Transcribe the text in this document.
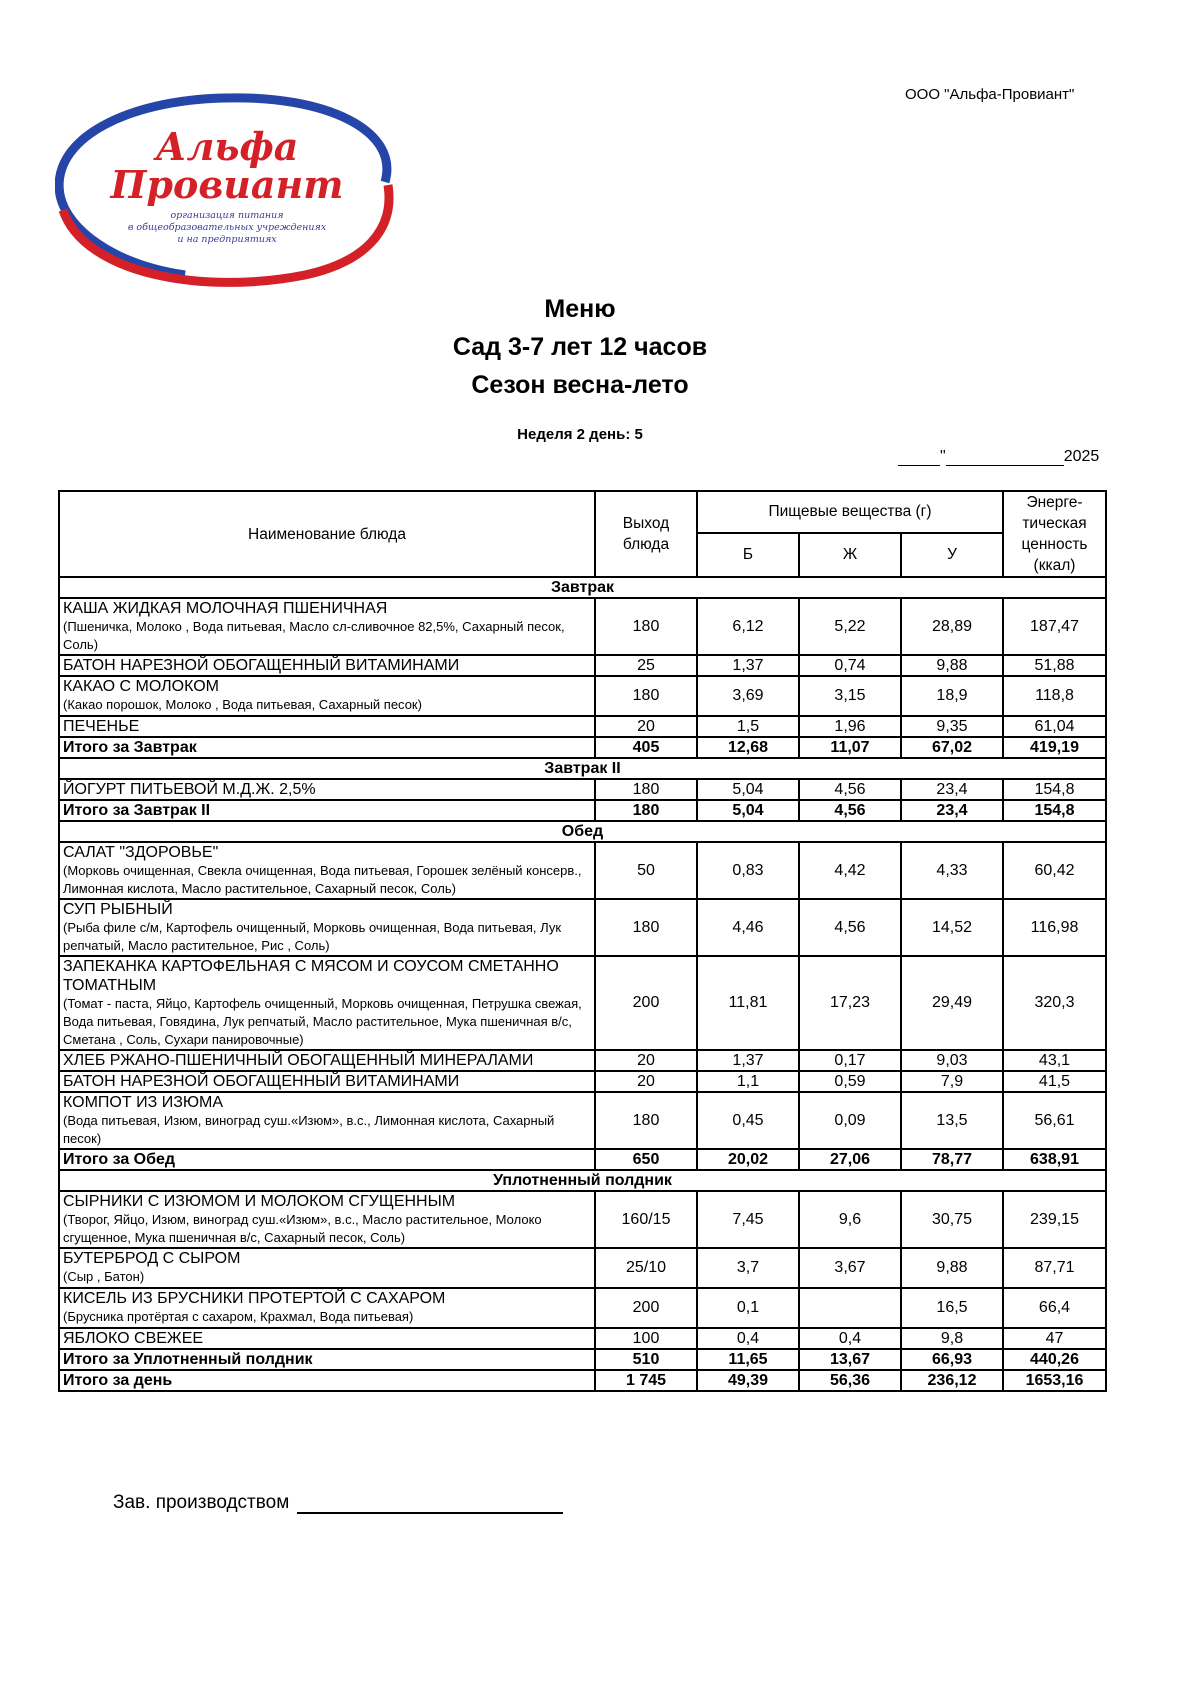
ООО "Альфа-Провиант"
Альфа
Провиант
организация питания
в общеобразовательных учреждениях
и на предприятиях
Меню
Сад 3-7 лет 12 часов
Сезон весна-лето
Неделя 2 день: 5
"	2025
Наименование блюда	Выход блюда	Пищевые вещества (г)			Энерге-тическая ценность (ккал)
		Б	Ж	У	
Завтрак					

КАША ЖИДКАЯ МОЛОЧНАЯ ПШЕНИЧНАЯ
(Пшеничка, Молоко , Вода питьевая, Масло сл-сливочное 82,5%, Сахарный песок, Соль)	180	6,12	5,22	28,89	187,47

БАТОН НАРЕЗНОЙ ОБОГАЩЕННЫЙ ВИТАМИНАМИ	25	1,37	0,74	9,88	51,88

КАКАО С МОЛОКОМ
(Какао порошок, Молоко , Вода питьевая, Сахарный песок)	180	3,69	3,15	18,9	118,8

ПЕЧЕНЬЕ	20	1,5	1,96	9,35	61,04
Итого за Завтрак	405	12,68	11,07	67,02	419,19
Завтрак II					

ЙОГУРТ ПИТЬЕВОЙ М.Д.Ж. 2,5%	180	5,04	4,56	23,4	154,8
Итого за Завтрак II	180	5,04	4,56	23,4	154,8
Обед					

САЛАТ "ЗДОРОВЬЕ"
(Морковь очищенная, Свекла очищенная, Вода питьевая, Горошек зелёный консерв., Лимонная кислота, Масло растительное, Сахарный песок, Соль)	50	0,83	4,42	4,33	60,42

СУП РЫБНЫЙ
(Рыба филе с/м, Картофель очищенный, Морковь очищенная, Вода питьевая, Лук репчатый, Масло растительное, Рис , Соль)	180	4,46	4,56	14,52	116,98

ЗАПЕКАНКА КАРТОФЕЛЬНАЯ С МЯСОМ И СОУСОМ СМЕТАННО ТОМАТНЫМ
(Томат - паста, Яйцо, Картофель очищенный, Морковь очищенная, Петрушка свежая, Вода питьевая, Говядина, Лук репчатый, Масло растительное, Мука пшеничная в/с, Сметана , Соль, Сухари панировочные)	200	11,81	17,23	29,49	320,3

ХЛЕБ РЖАНО-ПШЕНИЧНЫЙ ОБОГАЩЕННЫЙ МИНЕРАЛАМИ	20	1,37	0,17	9,03	43,1

БАТОН НАРЕЗНОЙ ОБОГАЩЕННЫЙ ВИТАМИНАМИ	20	1,1	0,59	7,9	41,5

КОМПОТ ИЗ ИЗЮМА
(Вода питьевая, Изюм, виноград суш.«Изюм», в.с., Лимонная кислота, Сахарный песок)	180	0,45	0,09	13,5	56,61
Итого за Обед	650	20,02	27,06	78,77	638,91
Уплотненный полдник					

СЫРНИКИ С ИЗЮМОМ И МОЛОКОМ СГУЩЕННЫМ
(Творог, Яйцо, Изюм, виноград суш.«Изюм», в.с., Масло растительное, Молоко сгущенное, Мука пшеничная в/с, Сахарный песок, Соль)	160/15	7,45	9,6	30,75	239,15

БУТЕРБРОД С СЫРОМ
(Сыр , Батон)	25/10	3,7	3,67	9,88	87,71

КИСЕЛЬ ИЗ БРУСНИКИ ПРОТЕРТОЙ С САХАРОМ
(Брусника протёртая с сахаром, Крахмал, Вода питьевая)	200	0,1		16,5	66,4

ЯБЛОКО СВЕЖЕЕ	100	0,4	0,4	9,8	47
Итого за Уплотненный полдник	510	11,65	13,67	66,93	440,26
Итого за день	1 745	49,39	56,36	236,12	1653,16
Зав. производством
